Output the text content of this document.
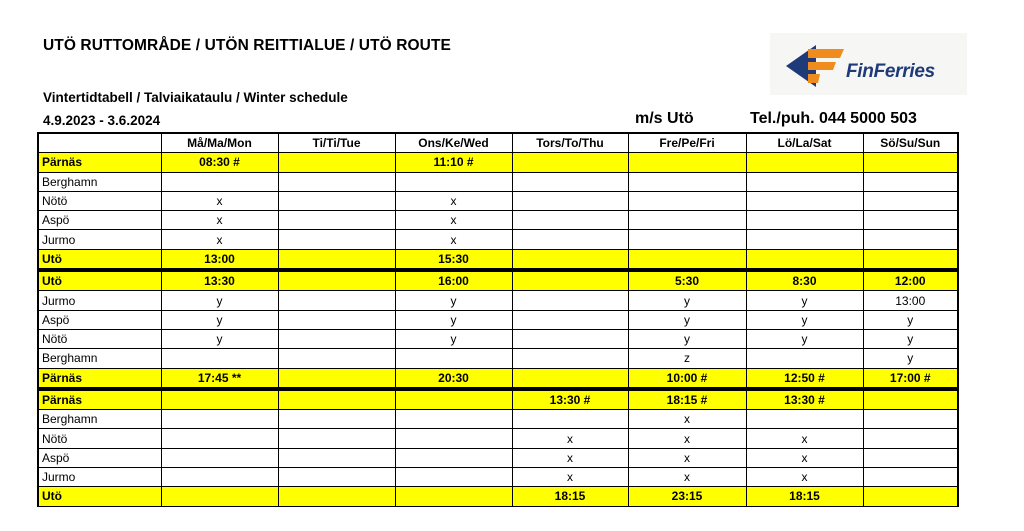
UTÖ RUTTOMRÅDE / UTÖN REITTIALUE / UTÖ ROUTE
Vintertidtabell / Talviaikataulu / Winter schedule
4.9.2023 - 3.6.2024	m/s Utö	Tel./puh. 044 5000 503
FinFerries
	Må/Ma/Mon	Ti/Ti/Tue	Ons/Ke/Wed	Tors/To/Thu	Fre/Pe/Fri	Lö/La/Sat	Sö/Su/Sun
Pärnäs	08:30 #		11:10 #				
Berghamn							
Nötö	x		x				
Aspö	x		x				
Jurmo	x		x				
Utö	13:00		15:30				
Utö	13:30		16:00		5:30	8:30	12:00
Jurmo	y		y		y	y	13:00
Aspö	y		y		y	y	y
Nötö	y		y		y	y	y
Berghamn					z		y
Pärnäs	17:45 **		20:30		10:00 #	12:50 #	17:00 #
Pärnäs				13:30 #	18:15 #	13:30 #	
Berghamn					x		
Nötö				x	x	x	
Aspö				x	x	x	
Jurmo				x	x	x	
Utö				18:15	23:15	18:15	
